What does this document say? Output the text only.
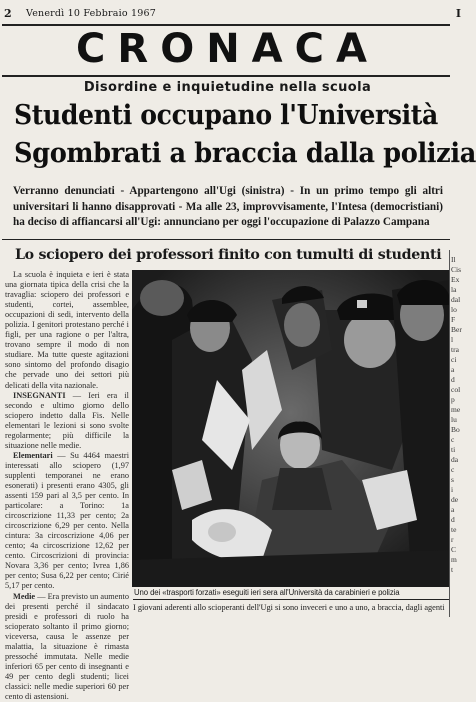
2 Venerdì 10 Febbraio 1967	I
CRONACA
Disordine e inquietudine nella scuola
Studenti occupano l'Università
Sgombrati a braccia dalla polizia
Verranno denunciati - Appartengono all'Ugi (sinistra) - In un primo tempo gli altri universitari li hanno disapprovati - Ma alle 23, improvvisamente, l'Intesa (democristiani) ha deciso di affiancarsi all'Ugi: annunciano per oggi l'occupazione di Palazzo Campana
Lo sciopero dei professori finito con tumulti di studenti

La scuola è inquieta e ieri è stata una giornata tipica della crisi che la travaglia: sciopero dei professori e studenti, cortei, assemblee, occupazioni di sedi, intervento della polizia. I genitori protestano perché i figli, per una ragione o per l'altra, trovano sempre il modo di non studiare. Ma tutte queste agitazioni sono sintomo del profondo disagio che pervade uno dei settori più delicati della vita nazionale.

INSEGNANTI — Ieri era il secondo e ultimo giorno dello sciopero indetto dalla Fis. Nelle elementari le lezioni si sono svolte regolarmente; più difficile la situazione nelle medie.

Elementari — Su 4464 maestri interessati allo sciopero (1,97 supplenti temporanei ne erano esonerati) i presenti erano 4305, gli assenti 159 pari al 3,5 per cento. In particolare: a Torino: 1a circoscrizione 11,33 per cento; 2a circoscrizione 6,29 per cento. Nella cintura: 3a circoscrizione 4,06 per cento; 4a circoscrizione 12,62 per cento. Circoscrizioni di provincia: Novara 3,36 per cento; Ivrea 1,86 per cento; Susa 6,22 per cento; Cirié 5,17 per cento.

Medie — Era previsto un aumento dei presenti perché il sindacato presidi e professori di ruolo ha scioperato soltanto il primo giorno; viceversa, causa le assenze per malattia, la situazione è rimasta pressoché immutata. Nelle medie inferiori 65 per cento di insegnanti e 49 per cento degli studenti; licei classici: nelle medie superiori 60 per cento di astensioni.

Uno dei «trasporti forzati» eseguiti ieri sera all'Università da carabinieri e polizia
I giovani aderenti allo scioperanti dell'Ugi si sono inveceri e uno a uno, a braccia, dagli agenti
Il
Cis
Ex
la
dal
lo
F
Ber
l
tra
ci
a
d
col
p
me
lu
Bo
c
ti
da
c
s
i
de
a
d
te
r
C
m
t
